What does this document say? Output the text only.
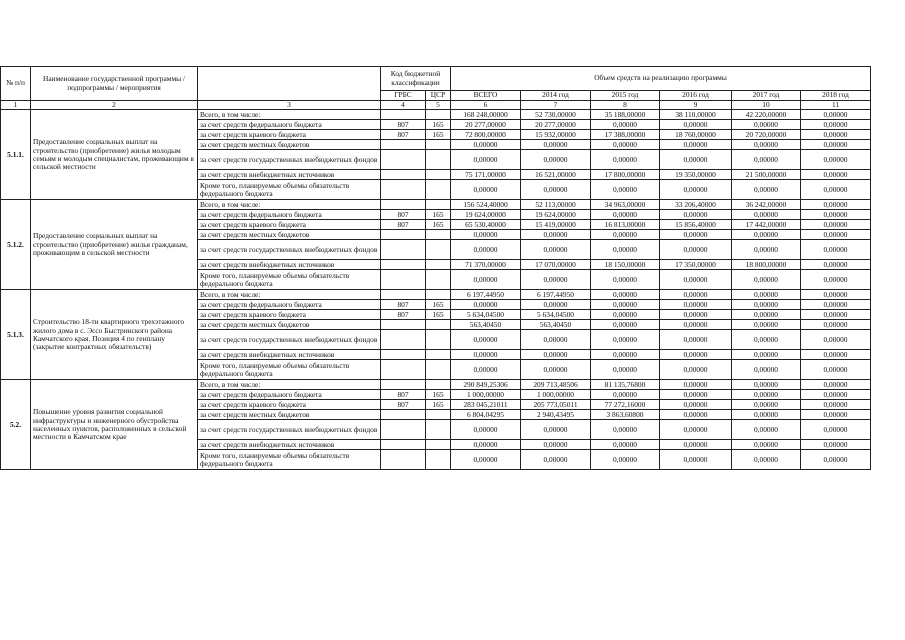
№ п/п	Наименование государственной программы / подпрограммы / мероприятия		Код бюджетной классификации		Объем средств на реализацию программы					
			ГРБС	ЦСР	ВСЕГО	2014 год	2015 год	2016 год	2017 год	2018 год
1	2	3	4	5	6	7	8	9	10	11
5.1.1.	Предоставление социальных выплат на строительство (приобретение) жилья молодым семьям и молодым специалистам, проживающим в сельской местности	Всего, в том числе:			168 248,00000	52 730,00000	35 188,00000	38 110,00000	42 220,00000	0,00000
		за счет средств федерального бюджета	807	165	20 277,00000	20 277,00000	0,00000	0,00000	0,00000	0,00000
		за счет средств краевого бюджета	807	165	72 800,00000	15 932,00000	17 388,00000	18 760,00000	20 720,00000	0,00000
		за счет средств местных бюджетов			0,00000	0,00000	0,00000	0,00000	0,00000	0,00000
		за счет средств государственных внебюджетных фондов			0,00000	0,00000	0,00000	0,00000	0,00000	0,00000
		за счет средств внебюджетных источников			75 171,00000	16 521,00000	17 800,00000	19 350,00000	21 500,00000	0,00000
		Кроме того, планируемые объемы обязательств федерального бюджета			0,00000	0,00000	0,00000	0,00000	0,00000	0,00000
5.1.2.	Предоставление социальных выплат на строительство (приобретение) жилья гражданам, проживающим в сельской местности	Всего, в том числе:			156 524,40000	52 113,00000	34 963,00000	33 206,40000	36 242,00000	0,00000
		за счет средств федерального бюджета	807	165	19 624,00000	19 624,00000	0,00000	0,00000	0,00000	0,00000
		за счет средств краевого бюджета	807	165	65 530,40000	15 419,00000	16 813,00000	15 856,40000	17 442,00000	0,00000
		за счет средств местных бюджетов			0,00000	0,00000	0,00000	0,00000	0,00000	0,00000
		за счет средств государственных внебюджетных фондов			0,00000	0,00000	0,00000	0,00000	0,00000	0,00000
		за счет средств внебюджетных источников			71 370,00000	17 070,00000	18 150,00000	17 350,00000	18 800,00000	0,00000
		Кроме того, планируемые объемы обязательств федерального бюджета			0,00000	0,00000	0,00000	0,00000	0,00000	0,00000
5.1.3.	Строительство 18-ти квартирного трехэтажного жилого дома в с. Эссо Быстринского района Камчатского края. Позиция 4 по генплану (закрытие контрактных обязательств)	Всего, в том числе:			6 197,44950	6 197,44950	0,00000	0,00000	0,00000	0,00000
		за счет средств федерального бюджета	807	165	0,00000	0,00000	0,00000	0,00000	0,00000	0,00000
		за счет средств краевого бюджета	807	165	5 634,04500	5 634,04500	0,00000	0,00000	0,00000	0,00000
		за счет средств местных бюджетов			563,40450	563,40450	0,00000	0,00000	0,00000	0,00000
		за счет средств государственных внебюджетных фондов			0,00000	0,00000	0,00000	0,00000	0,00000	0,00000
		за счет средств внебюджетных источников			0,00000	0,00000	0,00000	0,00000	0,00000	0,00000
		Кроме того, планируемые объемы обязательств федерального бюджета			0,00000	0,00000	0,00000	0,00000	0,00000	0,00000
5.2.	Повышение уровня развития социальной инфраструктуры и инженерного обустройства населенных пунктов, расположенных в сельской местности в Камчатском крае	Всего, в том числе:			290 849,25306	209 713,48506	81 135,76800	0,00000	0,00000	0,00000
		за счет средств федерального бюджета	807	165	1 000,00000	1 000,00000	0,00000	0,00000	0,00000	0,00000
		за счет средств краевого бюджета	807	165	283 045,21011	205 773,05011	77 272,16000	0,00000	0,00000	0,00000
		за счет средств местных бюджетов			6 804,04295	2 940,43495	3 863,60800	0,00000	0,00000	0,00000
		за счет средств государственных внебюджетных фондов			0,00000	0,00000	0,00000	0,00000	0,00000	0,00000
		за счет средств внебюджетных источников			0,00000	0,00000	0,00000	0,00000	0,00000	0,00000
		Кроме того, планируемые объемы обязательств федерального бюджета			0,00000	0,00000	0,00000	0,00000	0,00000	0,00000
